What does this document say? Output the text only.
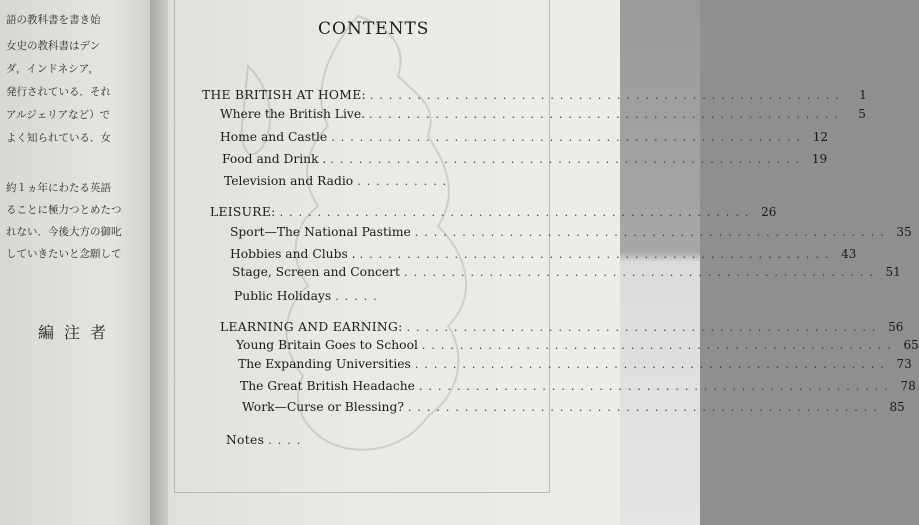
語の教科書を書き始
女史の教科書はデン
ダ，インドネシア，
発行されている．それ
アルジェリアなど）で
よく知られている．女
約１ヵ年にわたる英語
ることに極力つとめたつ
れない．今後大方の御叱
していきたいと念願して
編注者
CONTENTS
THE BRITISH AT HOME: ..................................................	1
Where the British Live. ..................................................	5
Home and Castle .................................................. 12
Food and Drink . .................................................. 19
Television and Radio ..........
LEISURE: .................................................. 26
Sport—The National Pastime .................................................. 35
Hobbies and Clubs . .................................................. 43
Stage, Screen and Concert .................................................. 51
Public Holidays .....
LEARNING AND EARNING: .................................................. 56
Young Britain Goes to School .................................................. 65
The Expanding Universities .................................................. 73
The Great British Headache .................................................. 78
Work—Curse or Blessing? .................................................. 85
Notes ....
